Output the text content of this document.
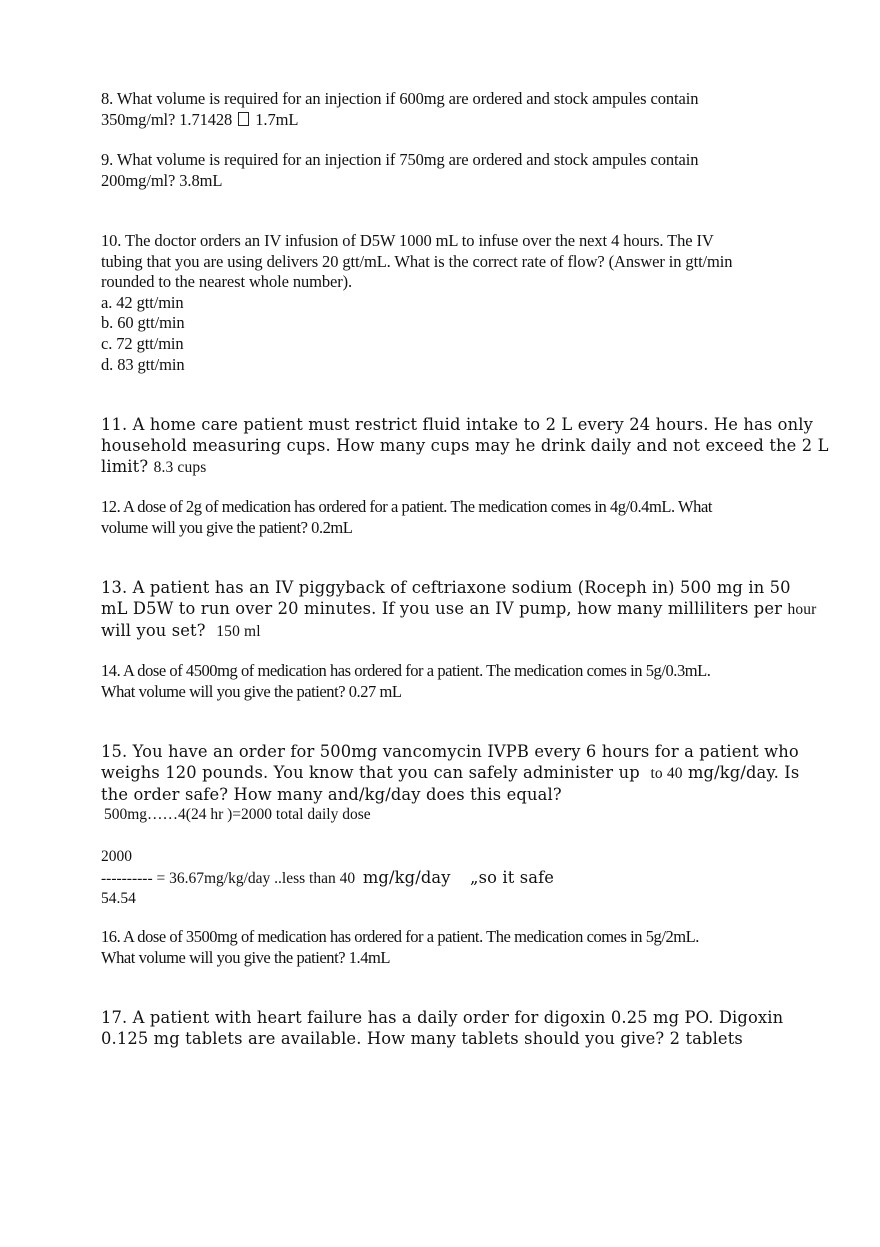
8. What volume is required for an injection if 600mg are ordered and stock ampules contain
350mg/ml? 1.71428 1.7mL
9. What volume is required for an injection if 750mg are ordered and stock ampules contain
200mg/ml? 3.8mL
10. The doctor orders an IV infusion of D5W 1000 mL to infuse over the next 4 hours. The IV
tubing that you are using delivers 20 gtt/mL. What is the correct rate of flow? (Answer in gtt/min
rounded to the nearest whole number).
a. 42 gtt/min
b. 60 gtt/min
c. 72 gtt/min
d. 83 gtt/min
11. A home care patient must restrict fluid intake to 2 L every 24 hours. He has only
household measuring cups. How many cups may he drink daily and not exceed the 2 L
limit? 8.3 cups
12. A dose of 2g of medication has ordered for a patient. The medication comes in 4g/0.4mL. What
volume will you give the patient? 0.2mL
13. A patient has an IV piggyback of ceftriaxone sodium (Roceph in) 500 mg in 50
mL D5W to run over 20 minutes. If you use an IV pump, how many milliliters per hour
will you set? 150 ml
14. A dose of 4500mg of medication has ordered for a patient. The medication comes in 5g/0.3mL.
What volume will you give the patient? 0.27 mL
15. You have an order for 500mg vancomycin IVPB every 6 hours for a patient who
weighs 120 pounds. You know that you can safely administer up to 40 mg/kg/day. Is
the order safe? How many and/kg/day does this equal?
500mg……4(24 hr )=2000 total daily dose
2000
---------- = 36.67mg/kg/day ..less than 40 mg/kg/day „so it safe
54.54
16. A dose of 3500mg of medication has ordered for a patient. The medication comes in 5g/2mL.
What volume will you give the patient? 1.4mL
17. A patient with heart failure has a daily order for digoxin 0.25 mg PO. Digoxin
0.125 mg tablets are available. How many tablets should you give? 2 tablets
